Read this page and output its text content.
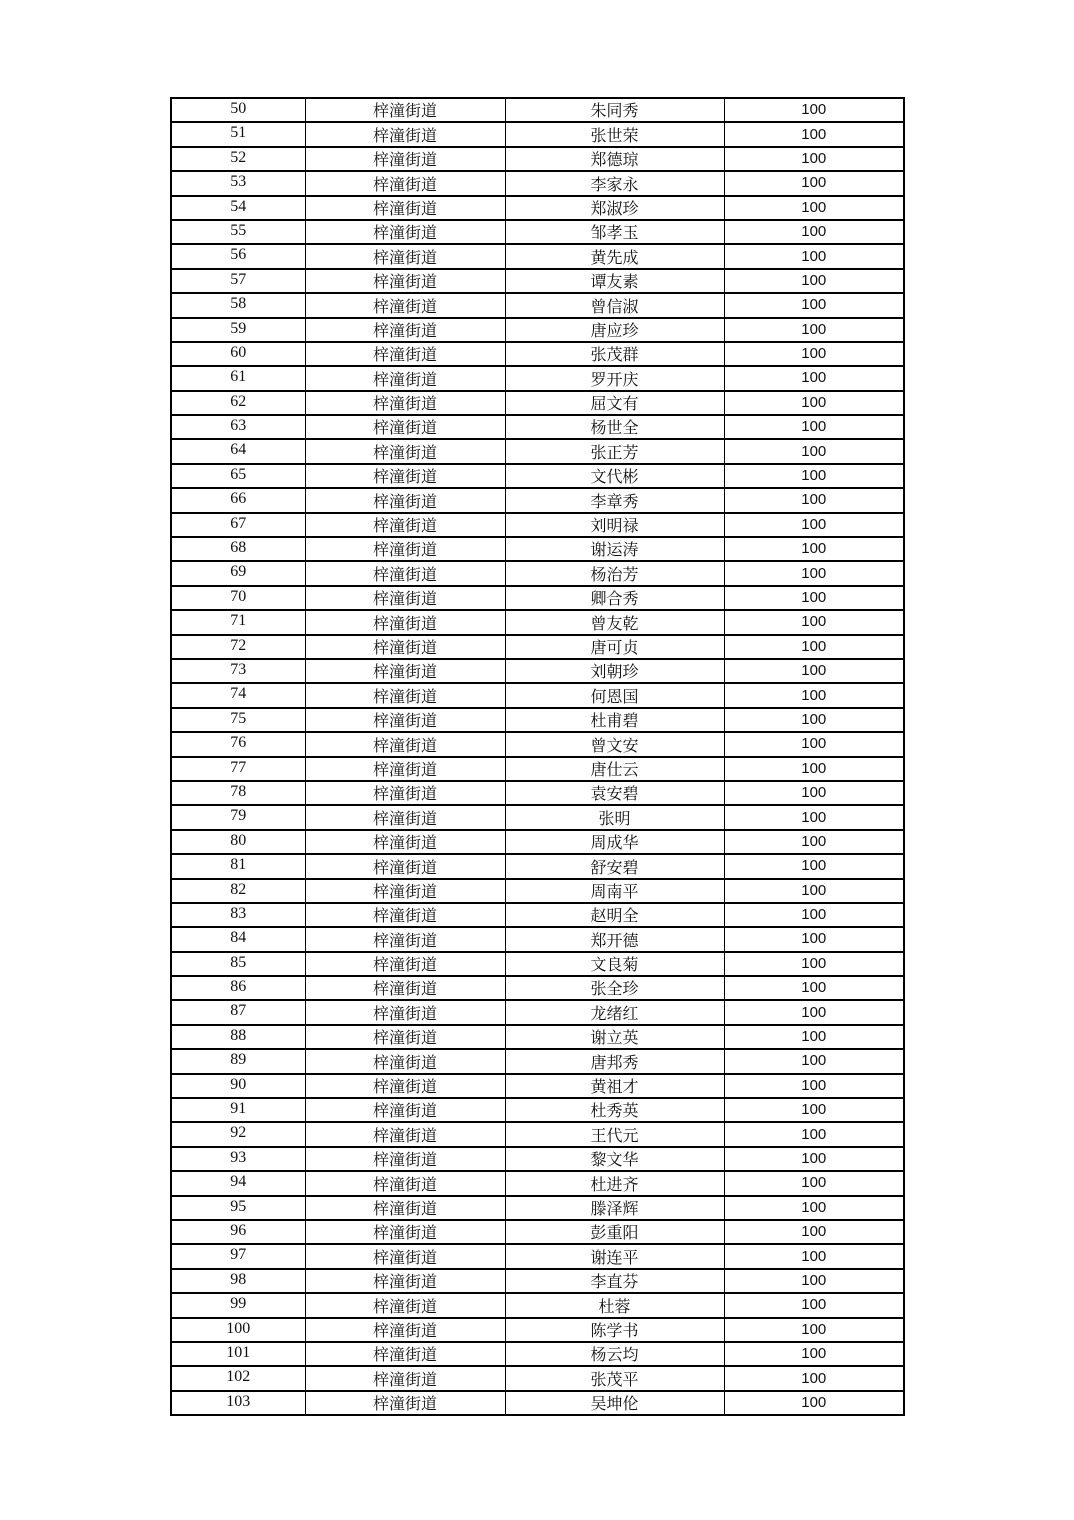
50	梓潼街道	朱同秀	100
51	梓潼街道	张世荣	100
52	梓潼街道	郑德琼	100
53	梓潼街道	李家永	100
54	梓潼街道	郑淑珍	100
55	梓潼街道	邹孝玉	100
56	梓潼街道	黄先成	100
57	梓潼街道	谭友素	100
58	梓潼街道	曾信淑	100
59	梓潼街道	唐应珍	100
60	梓潼街道	张茂群	100
61	梓潼街道	罗开庆	100
62	梓潼街道	屈文有	100
63	梓潼街道	杨世全	100
64	梓潼街道	张正芳	100
65	梓潼街道	文代彬	100
66	梓潼街道	李章秀	100
67	梓潼街道	刘明禄	100
68	梓潼街道	谢运涛	100
69	梓潼街道	杨治芳	100
70	梓潼街道	卿合秀	100
71	梓潼街道	曾友乾	100
72	梓潼街道	唐可贞	100
73	梓潼街道	刘朝珍	100
74	梓潼街道	何恩国	100
75	梓潼街道	杜甫碧	100
76	梓潼街道	曾文安	100
77	梓潼街道	唐仕云	100
78	梓潼街道	袁安碧	100
79	梓潼街道	张明	100
80	梓潼街道	周成华	100
81	梓潼街道	舒安碧	100
82	梓潼街道	周南平	100
83	梓潼街道	赵明全	100
84	梓潼街道	郑开德	100
85	梓潼街道	文良菊	100
86	梓潼街道	张全珍	100
87	梓潼街道	龙绪红	100
88	梓潼街道	谢立英	100
89	梓潼街道	唐邦秀	100
90	梓潼街道	黄祖才	100
91	梓潼街道	杜秀英	100
92	梓潼街道	王代元	100
93	梓潼街道	黎文华	100
94	梓潼街道	杜进齐	100
95	梓潼街道	滕泽辉	100
96	梓潼街道	彭重阳	100
97	梓潼街道	谢连平	100
98	梓潼街道	李直芬	100
99	梓潼街道	杜蓉	100
100	梓潼街道	陈学书	100
101	梓潼街道	杨云均	100
102	梓潼街道	张茂平	100
103	梓潼街道	吴坤伦	100
